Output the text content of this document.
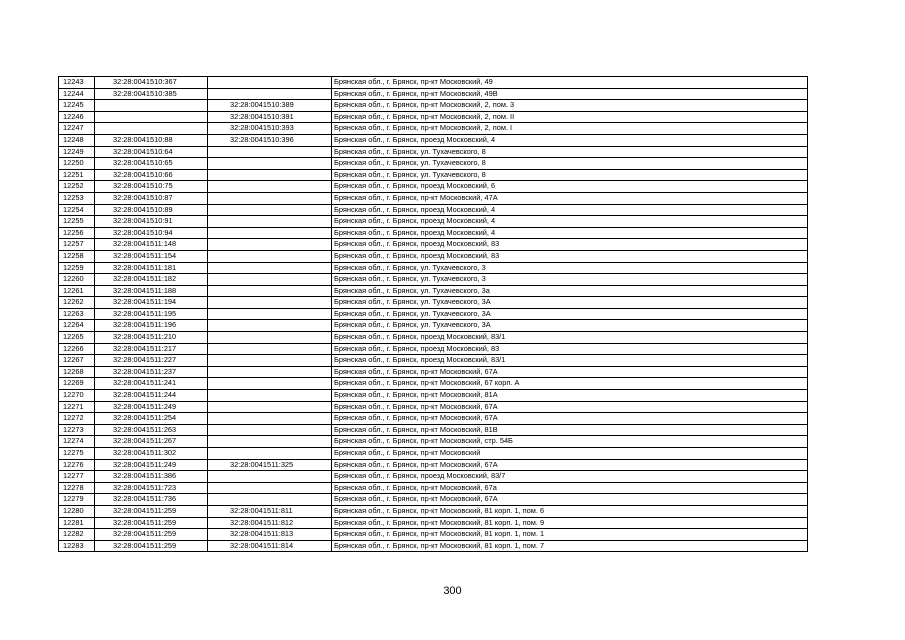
12243	32:28:0041510:367		Брянская обл., г. Брянск, пр-кт Московский, 49
12244	32:28:0041510:385		Брянская обл., г. Брянск, пр-кт Московский, 49В
12245		32:28:0041510:389	Брянская обл., г. Брянск, пр-кт Московский, 2, пом. 3
12246		32:28:0041510:391	Брянская обл., г. Брянск, пр-кт Московский, 2, пом. II
12247		32:28:0041510:393	Брянская обл., г. Брянск, пр-кт Московский, 2, пом. I
12248	32:28:0041510:88	32:28:0041510:396	Брянская обл., г. Брянск, проезд Московский, 4
12249	32:28:0041510:64		Брянская обл., г. Брянск, ул. Тухачевского, 8
12250	32:28:0041510:65		Брянская обл., г. Брянск, ул. Тухачевского, 8
12251	32:28:0041510:66		Брянская обл., г. Брянск, ул. Тухачевского, 8
12252	32:28:0041510:75		Брянская обл., г. Брянск, проезд Московский, 6
12253	32:28:0041510:87		Брянская обл., г. Брянск, пр-кт Московский, 47А
12254	32:28:0041510:89		Брянская обл., г. Брянск, проезд Московский, 4
12255	32:28:0041510:91		Брянская обл., г. Брянск, проезд Московский, 4
12256	32:28:0041510:94		Брянская обл., г. Брянск, проезд Московский, 4
12257	32:28:0041511:148		Брянская обл., г. Брянск, проезд Московский, 83
12258	32:28:0041511:154		Брянская обл., г. Брянск, проезд Московский, 83
12259	32:28:0041511:181		Брянская обл., г. Брянск, ул. Тухачевского, 3
12260	32:28:0041511:182		Брянская обл., г. Брянск, ул. Тухачевского, 3
12261	32:28:0041511:188		Брянская обл., г. Брянск, ул. Тухачевского, 3а
12262	32:28:0041511:194		Брянская обл., г. Брянск, ул. Тухачевского, 3А
12263	32:28:0041511:195		Брянская обл., г. Брянск, ул. Тухачевского, 3А
12264	32:28:0041511:196		Брянская обл., г. Брянск, ул. Тухачевского, 3А
12265	32:28:0041511:210		Брянская обл., г. Брянск, проезд Московский, 83/1
12266	32:28:0041511:217		Брянская обл., г. Брянск, проезд Московский, 83
12267	32:28:0041511:227		Брянская обл., г. Брянск, проезд Московский, 83/1
12268	32:28:0041511:237		Брянская обл., г. Брянск, пр-кт Московский, 67А
12269	32:28:0041511:241		Брянская обл., г. Брянск, пр-кт Московский, 67 корп. А
12270	32:28:0041511:244		Брянская обл., г. Брянск, пр-кт Московский, 81А
12271	32:28:0041511:249		Брянская обл., г. Брянск, пр-кт Московский, 67А
12272	32:28:0041511:254		Брянская обл., г. Брянск, пр-кт Московский, 67А
12273	32:28:0041511:263		Брянская обл., г. Брянск, пр-кт Московский, 81В
12274	32:28:0041511:267		Брянская обл., г. Брянск, пр-кт Московский, стр. 54Б
12275	32:28:0041511:302		Брянская обл., г. Брянск, пр-кт Московский
12276	32:28:0041511:249	32:28:0041511:325	Брянская обл., г. Брянск, пр-кт Московский, 67А
12277	32:28:0041511:386		Брянская обл., г. Брянск, проезд Московский, 83/7
12278	32:28:0041511:723		Брянская обл., г. Брянск, пр-кт Московский, 67а
12279	32:28:0041511:736		Брянская обл., г. Брянск, пр-кт Московский, 67А
12280	32:28:0041511:259	32:28:0041511:811	Брянская обл., г. Брянск, пр-кт Московский, 81 корп. 1, пом. 6
12281	32:28:0041511:259	32:28:0041511:812	Брянская обл., г. Брянск, пр-кт Московский, 81 корп. 1, пом. 9
12282	32:28:0041511:259	32:28:0041511:813	Брянская обл., г. Брянск, пр-кт Московский, 81 корп. 1, пом. 1
12283	32:28:0041511:259	32:28:0041511:814	Брянская обл., г. Брянск, пр-кт Московский, 81 корп. 1, пом. 7
300
